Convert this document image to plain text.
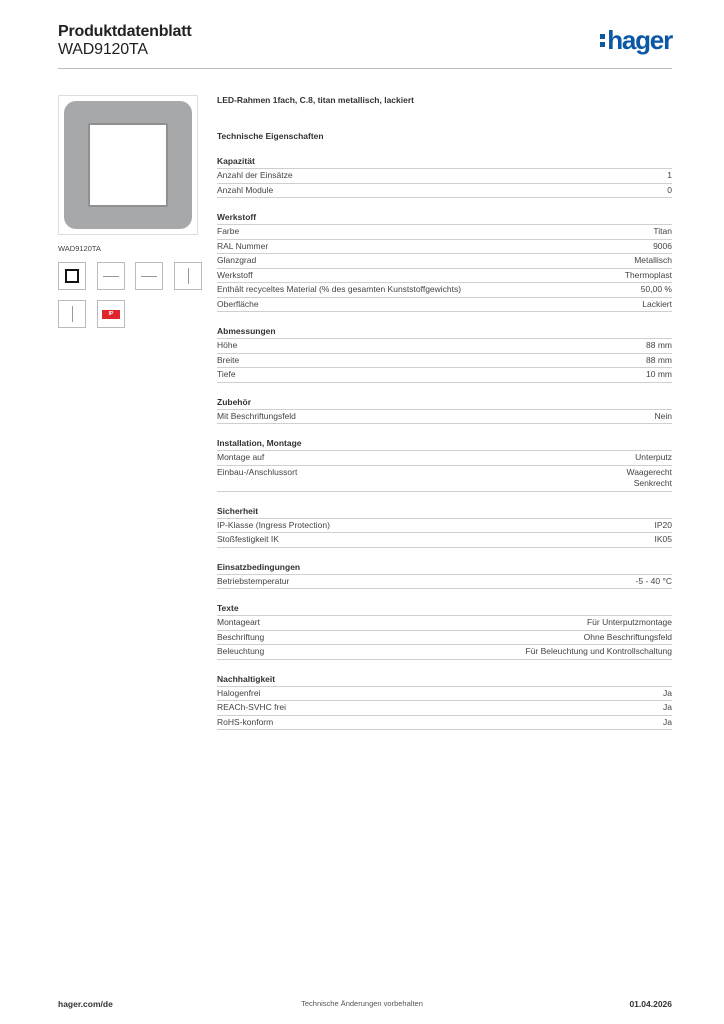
Produktdatenblatt
WAD9120TA	hager
WAD9120TA
IP
LED-Rahmen 1fach, C.8, titan metallisch, lackiert
Technische Eigenschaften
Kapazität
Anzahl der Einsätze	1
Anzahl Module	0
Werkstoff
Farbe	Titan
RAL Nummer	9006
Glanzgrad	Metallisch
Werkstoff	Thermoplast
Enthält recyceltes Material (% des gesamten Kunststoffgewichts)	50,00 %
Oberfläche	Lackiert
Abmessungen
Höhe	88 mm
Breite	88 mm
Tiefe	10 mm
Zubehör
Mit Beschriftungsfeld	Nein
Installation, Montage
Montage auf	Unterputz
Einbau-/Anschlussort	Waagerecht
Senkrecht
Sicherheit
IP-Klasse (Ingress Protection)	IP20
Stoßfestigkeit IK	IK05
Einsatzbedingungen
Betriebstemperatur	-5 - 40 °C
Texte
Montageart	Für Unterputzmontage
Beschriftung	Ohne Beschriftungsfeld
Beleuchtung	Für Beleuchtung und Kontrollschaltung
Nachhaltigkeit
Halogenfrei	Ja
REACh-SVHC frei	Ja
RoHS-konform	Ja
hager.com/de	Technische Änderungen vorbehalten	01.04.2026
